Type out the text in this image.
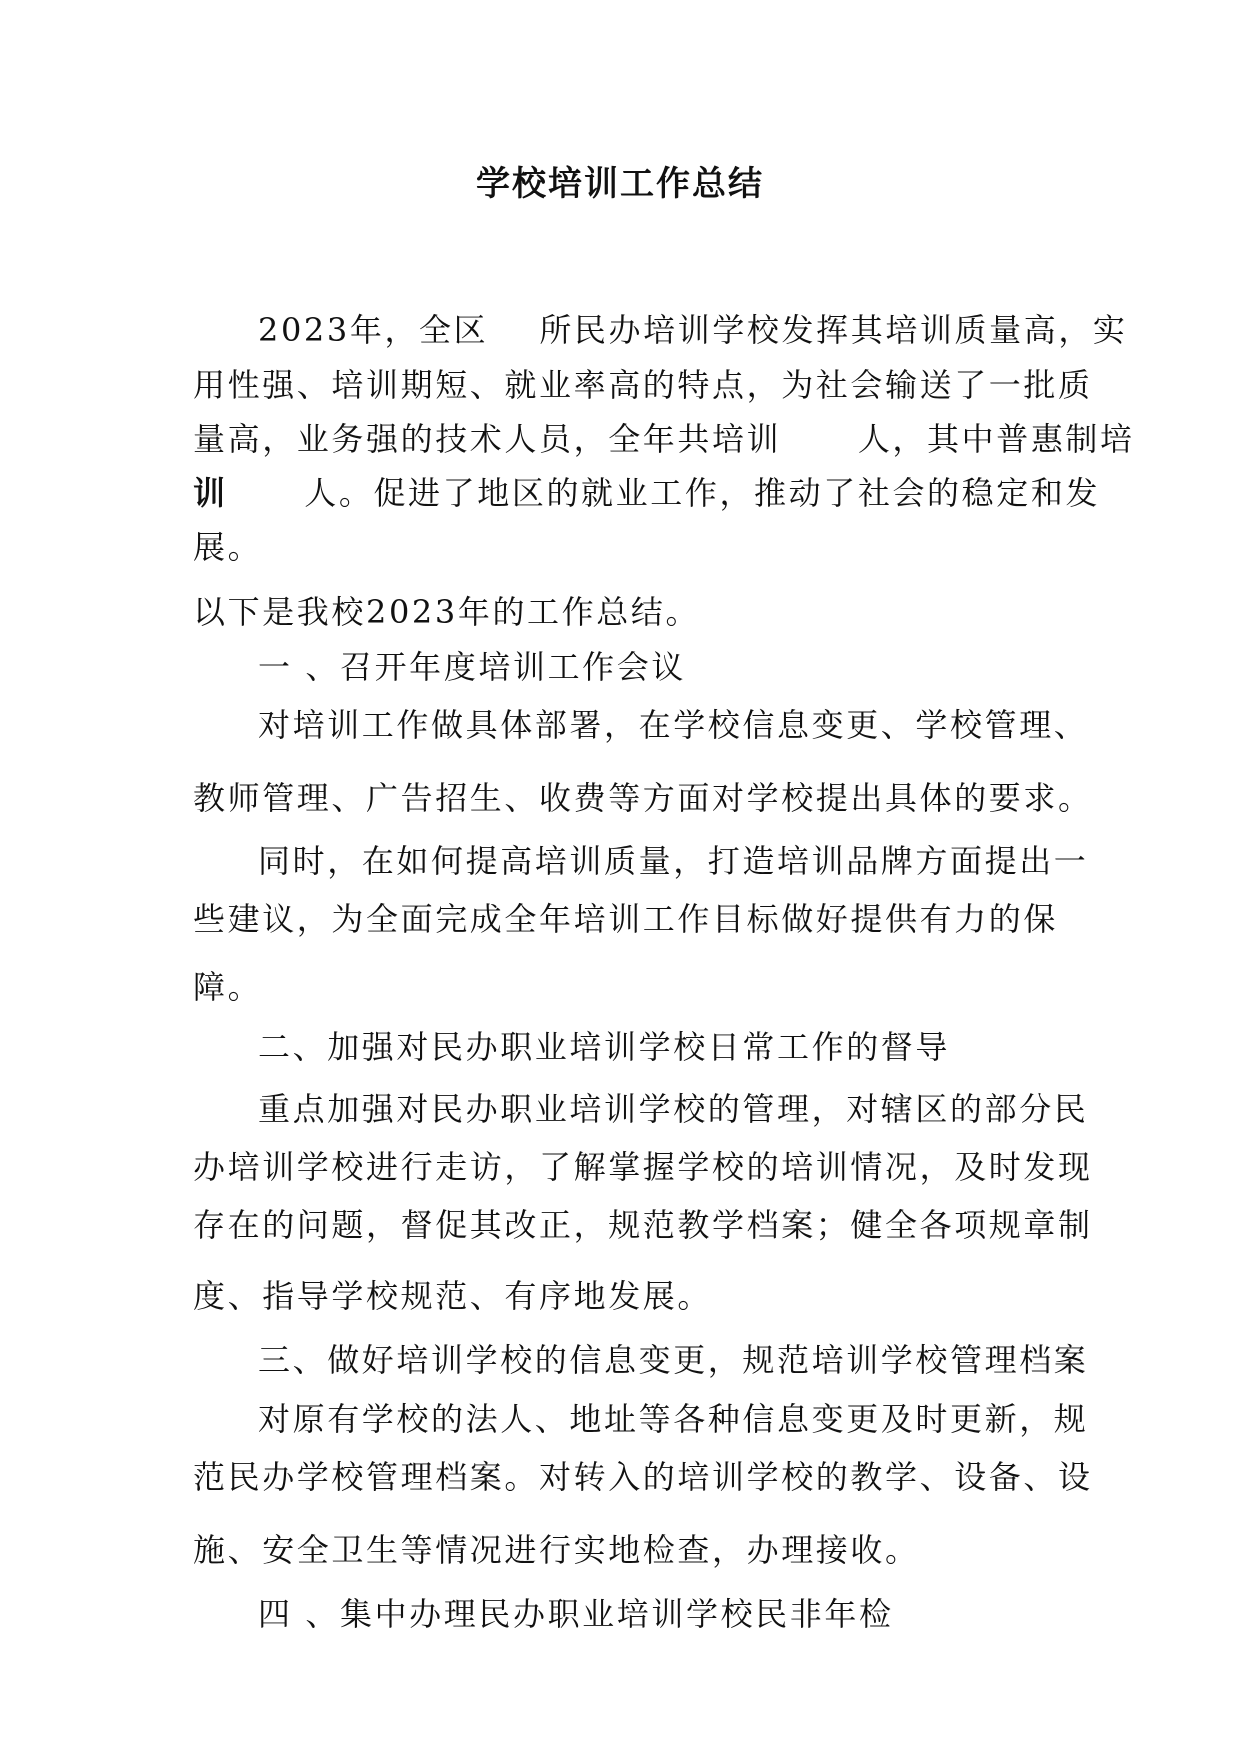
学校培训工作总结

2023年，全区    所民办培训学校发挥其培训质量高，实

用性强、培训期短、就业率高的特点，为社会输送了一批质

量高，业务强的技术人员，全年共培训      人，其中普惠制培

训      人。促进了地区的就业工作，推动了社会的稳定和发

展。

以下是我校2023年的工作总结。

一 、召开年度培训工作会议

对培训工作做具体部署，在学校信息变更、学校管理、

教师管理、广告招生、收费等方面对学校提出具体的要求。

同时，在如何提高培训质量，打造培训品牌方面提出一

些建议，为全面完成全年培训工作目标做好提供有力的保

障。

二、加强对民办职业培训学校日常工作的督导

重点加强对民办职业培训学校的管理，对辖区的部分民

办培训学校进行走访，了解掌握学校的培训情况，及时发现

存在的问题，督促其改正，规范教学档案；健全各项规章制

度、指导学校规范、有序地发展。

三、做好培训学校的信息变更，规范培训学校管理档案

对原有学校的法人、地址等各种信息变更及时更新，规

范民办学校管理档案。对转入的培训学校的教学、设备、设

施、安全卫生等情况进行实地检查，办理接收。

四 、集中办理民办职业培训学校民非年检
